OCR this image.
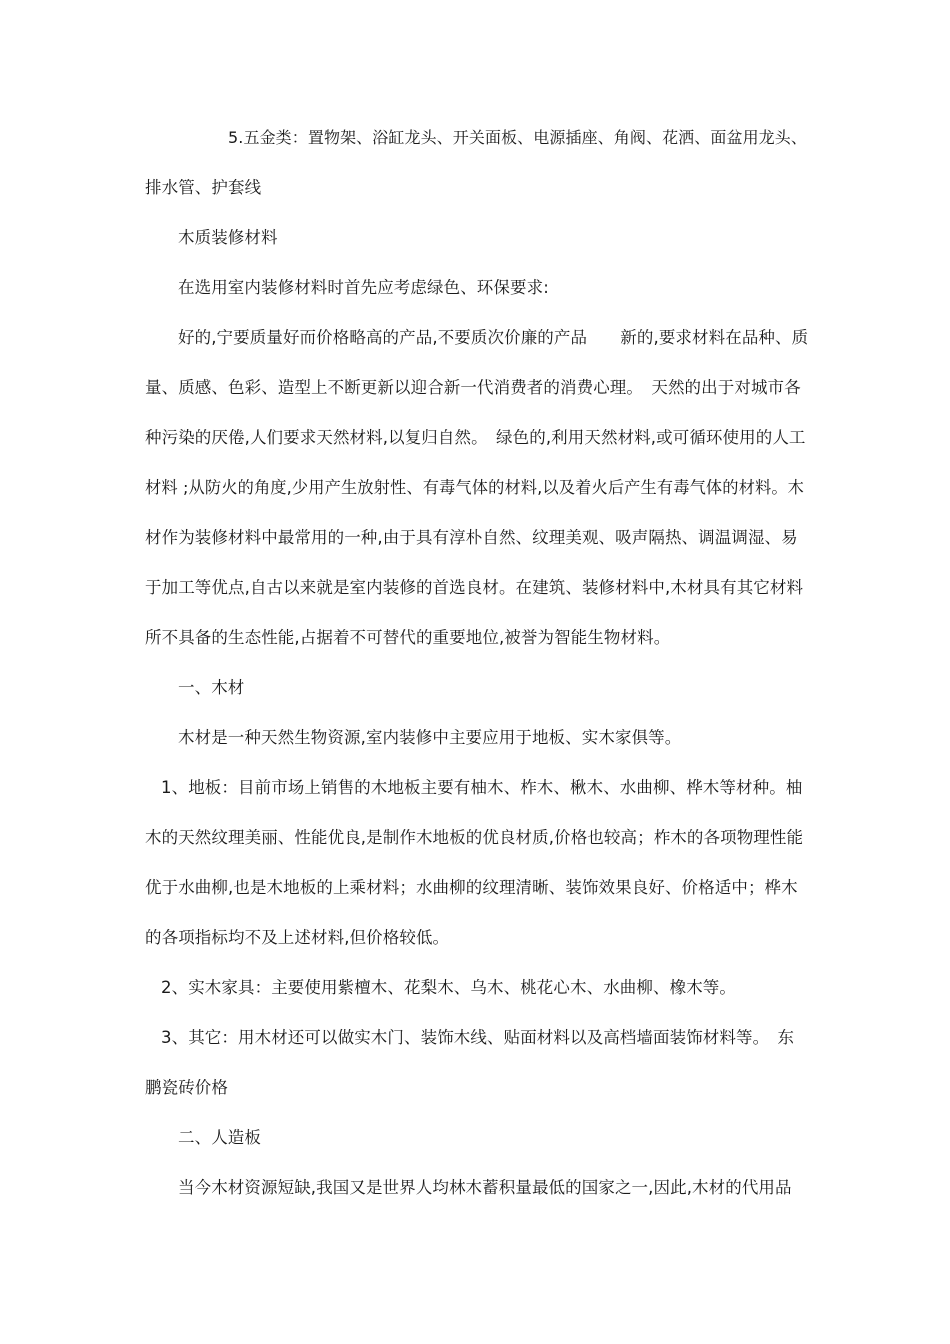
5.五金类：置物架、浴缸龙头、开关面板、电源插座、角阀、花洒、面盆用龙头、
排水管、护套线
木质装修材料
在选用室内装修材料时首先应考虑绿色、环保要求:
好的,宁要质量好而价格略高的产品,不要质次价廉的产品　　新的,要求材料在品种、质
量、质感、色彩、造型上不断更新以迎合新一代消费者的消费心理。　天然的出于对城市各
种污染的厌倦,人们要求天然材料,以复归自然。　绿色的,利用天然材料,或可循环使用的人工
材料 ;从防火的角度,少用产生放射性、有毒气体的材料,以及着火后产生有毒气体的材料。木
材作为装修材料中最常用的一种,由于具有淳朴自然、纹理美观、吸声隔热、调温调湿、易
于加工等优点,自古以来就是室内装修的首选良材。在建筑、装修材料中,木材具有其它材料
所不具备的生态性能,占据着不可替代的重要地位,被誉为智能生物材料。
一、木材
木材是一种天然生物资源,室内装修中主要应用于地板、实木家俱等。
1、地板：目前市场上销售的木地板主要有柚木、柞木、楸木、水曲柳、桦木等材种。柚
木的天然纹理美丽、性能优良,是制作木地板的优良材质,价格也较高；柞木的各项物理性能
优于水曲柳,也是木地板的上乘材料；水曲柳的纹理清晰、装饰效果良好、价格适中；桦木
的各项指标均不及上述材料,但价格较低。
2、实木家具：主要使用紫檀木、花梨木、乌木、桃花心木、水曲柳、橡木等。
3、其它：用木材还可以做实木门、装饰木线、贴面材料以及高档墙面装饰材料等。　东
鹏瓷砖价格
二、人造板
当今木材资源短缺,我国又是世界人均林木蓄积量最低的国家之一,因此,木材的代用品
